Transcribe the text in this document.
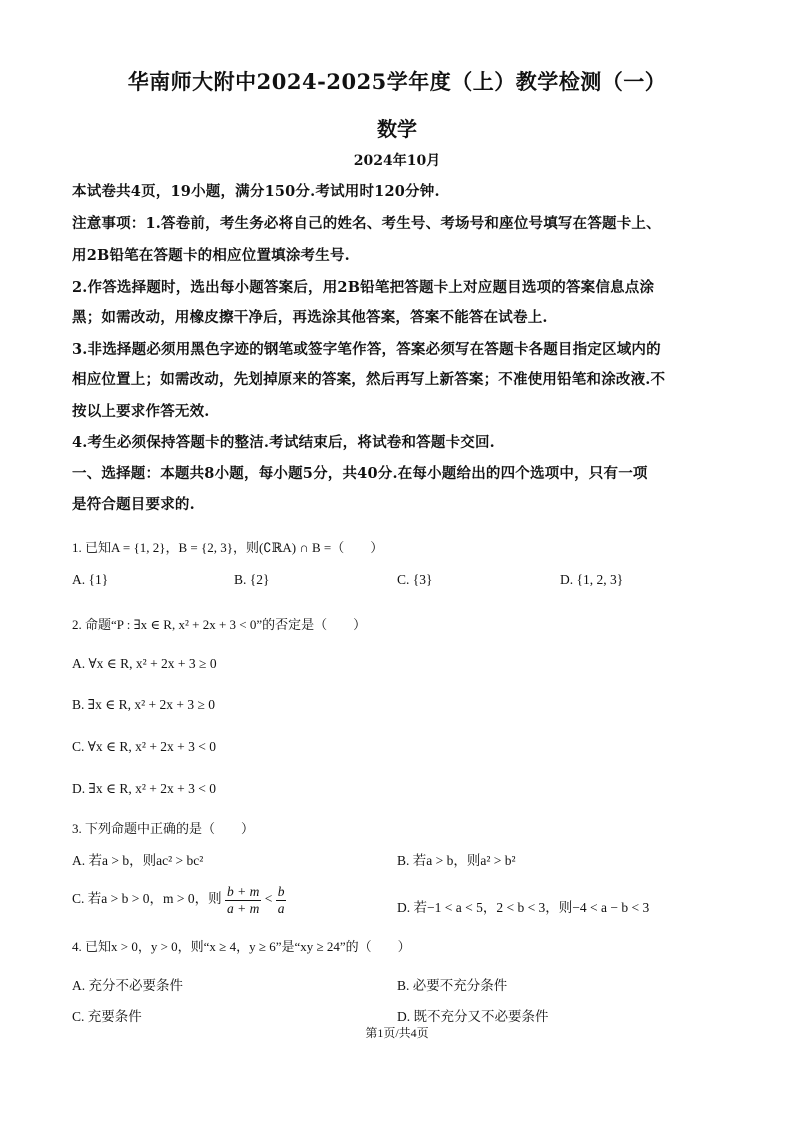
华南师大附中2024-2025学年度（上）教学检测（一）
数学
2024年10月
本试卷共4页，19小题，满分150分.考试用时120分钟.
注意事项：1.答卷前，考生务必将自己的姓名、考生号、考场号和座位号填写在答题卡上、
用2B铅笔在答题卡的相应位置填涂考生号.
2.作答选择题时，选出每小题答案后，用2B铅笔把答题卡上对应题目选项的答案信息点涂
黑；如需改动，用橡皮擦干净后，再选涂其他答案，答案不能答在试卷上.
3.非选择题必须用黑色字迹的钢笔或签字笔作答，答案必须写在答题卡各题目指定区域内的
相应位置上；如需改动，先划掉原来的答案，然后再写上新答案；不准使用铅笔和涂改液.不
按以上要求作答无效.
4.考生必须保持答题卡的整洁.考试结束后，将试卷和答题卡交回.
一、选择题：本题共8小题，每小题5分，共40分.在每小题给出的四个选项中，只有一项
是符合题目要求的.
1. 已知A = {1, 2}，B = {2, 3}，则(∁ℝA) ∩ B =（　　）
A. {1}	B. {2}	C. {3}	D. {1, 2, 3}
2. 命题“P : ∃x ∈ R, x² + 2x + 3 < 0”的否定是（　　）
A. ∀x ∈ R, x² + 2x + 3 ≥ 0
B. ∃x ∈ R, x² + 2x + 3 ≥ 0
C. ∀x ∈ R, x² + 2x + 3 < 0
D. ∃x ∈ R, x² + 2x + 3 < 0
3. 下列命题中正确的是（　　）
A. 若a > b，则ac² > bc²	B. 若a > b，则a² > b²
C. 若a > b > 0，m > 0，则 $\frac{b + m}{a + m} < \frac{b}{a}$	D. 若−1 < a < 5，2 < b < 3，则−4 < a − b < 3
4. 已知x > 0，y > 0，则“x ≥ 4，y ≥ 6”是“xy ≥ 24”的（　　）
A. 充分不必要条件	B. 必要不充分条件
C. 充要条件	D. 既不充分又不必要条件
第1页/共4页
